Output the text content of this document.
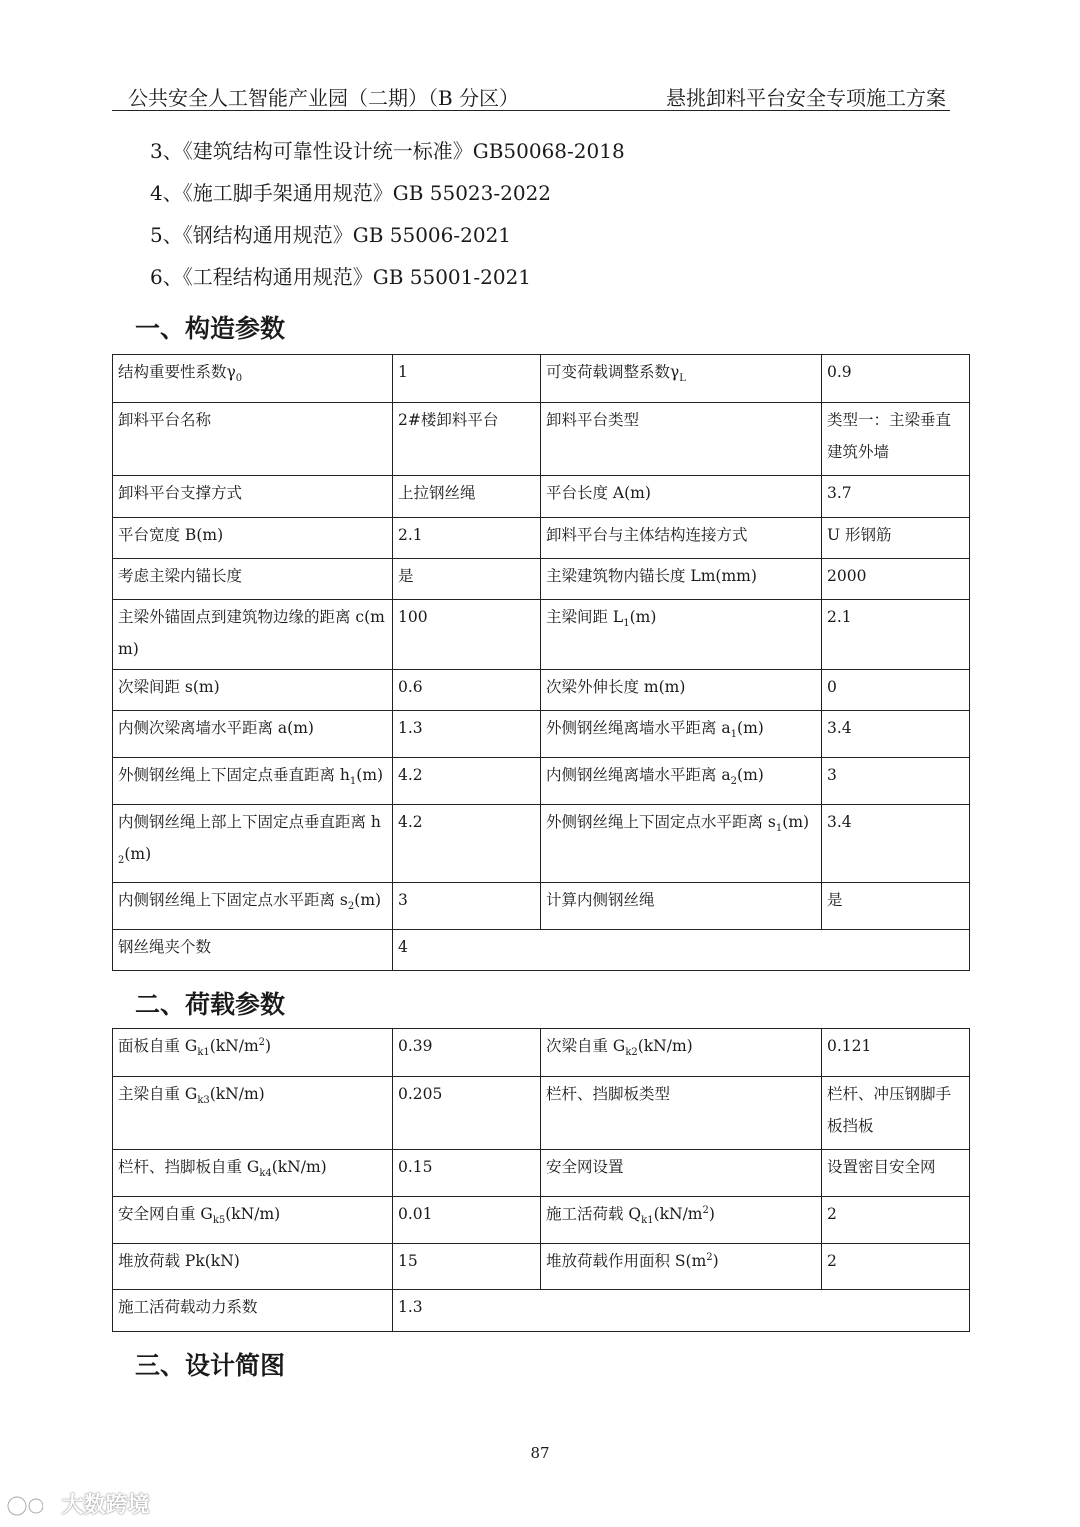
公共安全人工智能产业园（二期）（B 分区）	悬挑卸料平台安全专项施工方案
3、《建筑结构可靠性设计统一标准》GB50068-2018
4、《施工脚手架通用规范》GB 55023-2022
5、《钢结构通用规范》GB 55006-2021
6、《工程结构通用规范》GB 55001-2021
一、构造参数
结构重要性系数$\gamma_0$	1	可变荷载调整系数$\gamma_L$	0.9
卸料平台名称	2#楼卸料平台	卸料平台类型	类型一：主梁垂直建筑外墙
卸料平台支撑方式	上拉钢丝绳	平台长度 A(m)	3.7
平台宽度 B(m)	2.1	卸料平台与主体结构连接方式	U 形钢筋
考虑主梁内锚长度	是	主梁建筑物内锚长度 Lm(mm)	2000
主梁外锚固点到建筑物边缘的距离 c(mm)	100	主梁间距 $L_1(m)$	2.1
次梁间距 s(m)	0.6	次梁外伸长度 m(m)	0
内侧次梁离墙水平距离 a(m)	1.3	外侧钢丝绳离墙水平距离 $a_1(m)$	3.4
外侧钢丝绳上下固定点垂直距离 $h_1(m)$	4.2	内侧钢丝绳离墙水平距离 $a_2(m)$	3
内侧钢丝绳上部上下固定点垂直距离 $h_2(m)$	4.2	外侧钢丝绳上下固定点水平距离 $s_1(m)$	3.4
内侧钢丝绳上下固定点水平距离 $s_2(m)$	3	计算内侧钢丝绳	是
钢丝绳夹个数	4		
二、荷载参数
面板自重 $G_{k1}(kN/m^2)$	0.39	次梁自重 $G_{k2}(kN/m)$	0.121
主梁自重 $G_{k3}(kN/m)$	0.205	栏杆、挡脚板类型	栏杆、冲压钢脚手板挡板
栏杆、挡脚板自重 $G_{k4}(kN/m)$	0.15	安全网设置	设置密目安全网
安全网自重 $G_{k5}(kN/m)$	0.01	施工活荷载 $Q_{k1}(kN/m^2)$	2
堆放荷载 Pk(kN)	15	堆放荷载作用面积 $S(m^2)$	2
施工活荷载动力系数	1.3		
三、设计简图
87
大数跨境
